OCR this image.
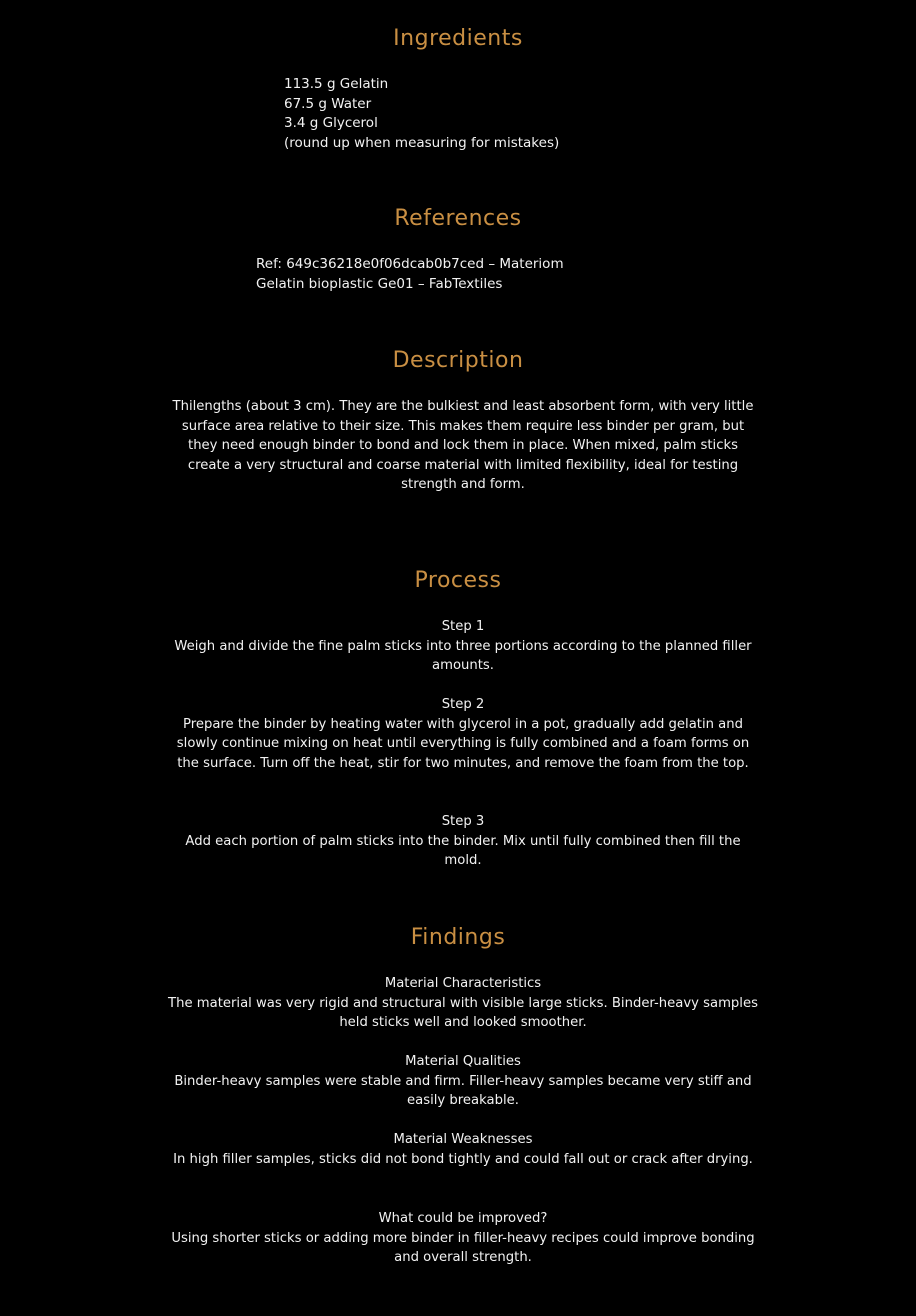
Ingredients
113.5 g Gelatin
67.5 g Water
3.4 g Glycerol
(round up when measuring for mistakes)
References
Ref: 649c36218e0f06dcab0b7ced – Materiom
Gelatin bioplastic Ge01 – FabTextiles
Description

Thilengths (about 3 cm). They are the bulkiest and least absorbent form, with very little surface area relative to their size. This makes them require less binder per gram, but they need enough binder to bond and lock them in place. When mixed, palm sticks create a very structural and coarse material with limited flexibility, ideal for testing strength and form.

Process
Step 1
Weigh and divide the fine palm sticks into three portions according to the planned filler amounts.
Step 2
Prepare the binder by heating water with glycerol in a pot, gradually add gelatin and slowly continue mixing on heat until everything is fully combined and a foam forms on the surface. Turn off the heat, stir for two minutes, and remove the foam from the top.
Step 3
Add each portion of palm sticks into the binder. Mix until fully combined then fill the mold.
Findings
Material Characteristics
The material was very rigid and structural with visible large sticks. Binder-heavy samples held sticks well and looked smoother.
Material Qualities
Binder-heavy samples were stable and firm. Filler-heavy samples became very stiff and easily breakable.
Material Weaknesses
In high filler samples, sticks did not bond tightly and could fall out or crack after drying.
What could be improved?
Using shorter sticks or adding more binder in filler-heavy recipes could improve bonding and overall strength.
